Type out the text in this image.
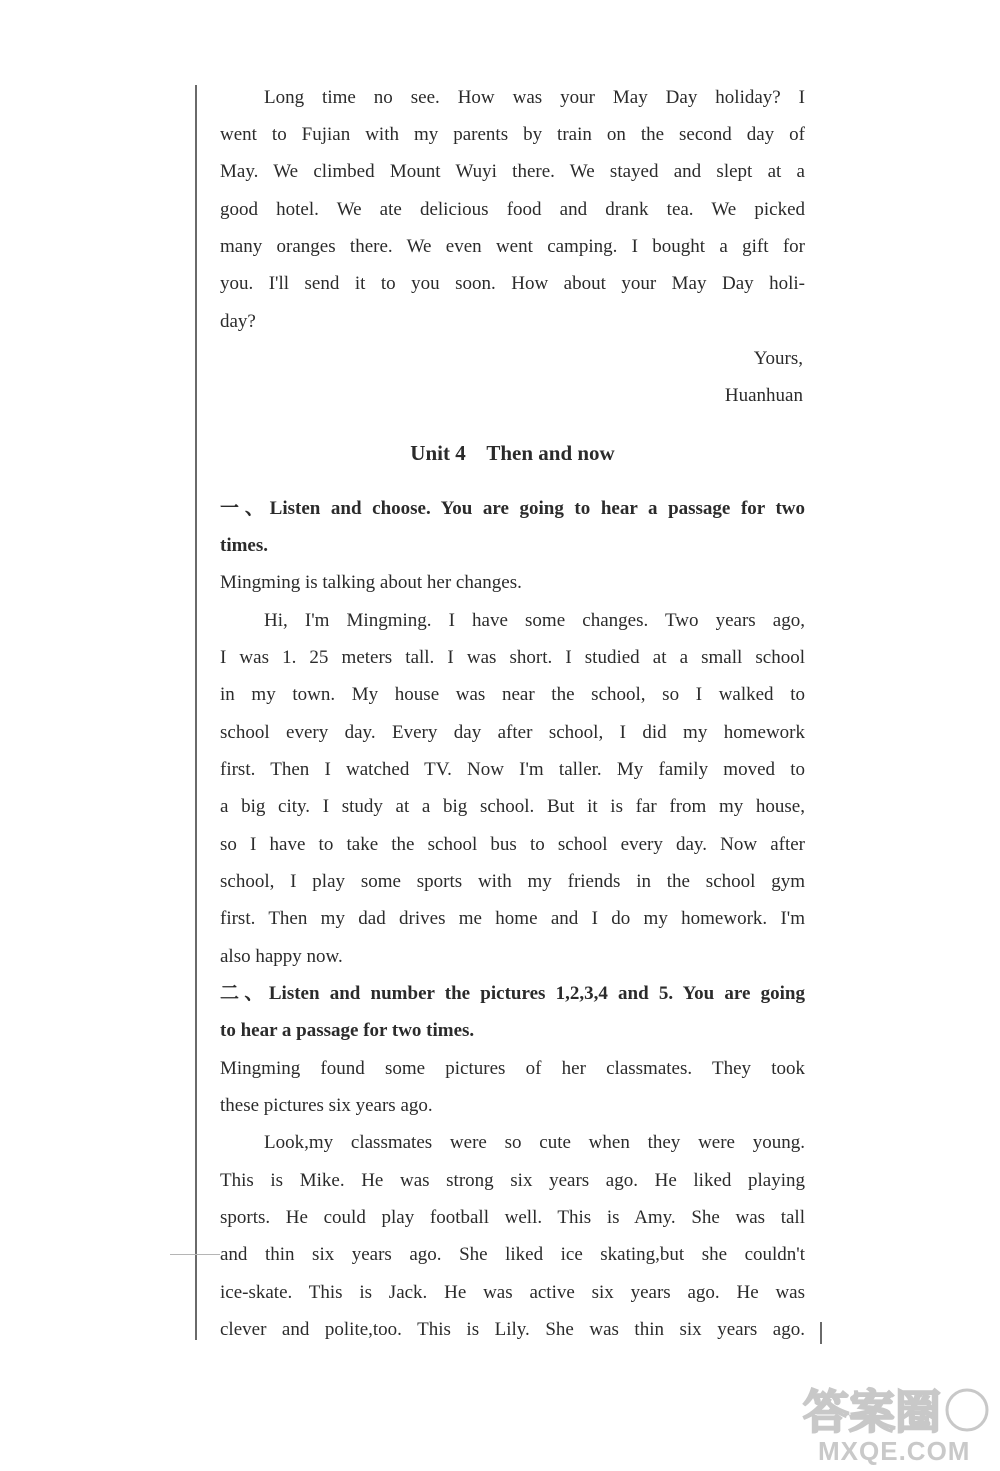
Long time no see. How was your May Day holiday? I
went to Fujian with my parents by train on the second day of
May. We climbed Mount Wuyi there. We stayed and slept at a
good hotel. We ate delicious food and drank tea. We picked
many oranges there. We even went camping. I bought a gift for
you. I'll send it to you soon. How about your May Day holi-
day?
Yours,
Huanhuan
Unit 4    Then and now
一、Listen and choose. You are going to hear a passage for two
times.
Mingming is talking about her changes.
Hi, I'm Mingming. I have some changes. Two years ago,
I was 1. 25 meters tall. I was short. I studied at a small school
in my town. My house was near the school, so I walked to
school every day. Every day after school, I did my homework
first. Then I watched TV. Now I'm taller. My family moved to
a big city. I study at a big school. But it is far from my house,
so I have to take the school bus to school every day. Now after
school, I play some sports with my friends in the school gym
first. Then my dad drives me home and I do my homework. I'm
also happy now.
二、Listen and number the pictures 1,2,3,4 and 5. You are going
to hear a passage for two times.
Mingming found some pictures of her classmates. They took
these pictures six years ago.
Look,my classmates were so cute when they were young.
This is Mike. He was strong six years ago. He liked playing
sports. He could play football well. This is Amy. She was tall
and thin six years ago. She liked ice skating,but she couldn't
ice-skate. This is Jack. He was active six years ago. He was
clever and polite,too. This is Lily. She was thin six years ago.
答案圈
MXQE.COM
